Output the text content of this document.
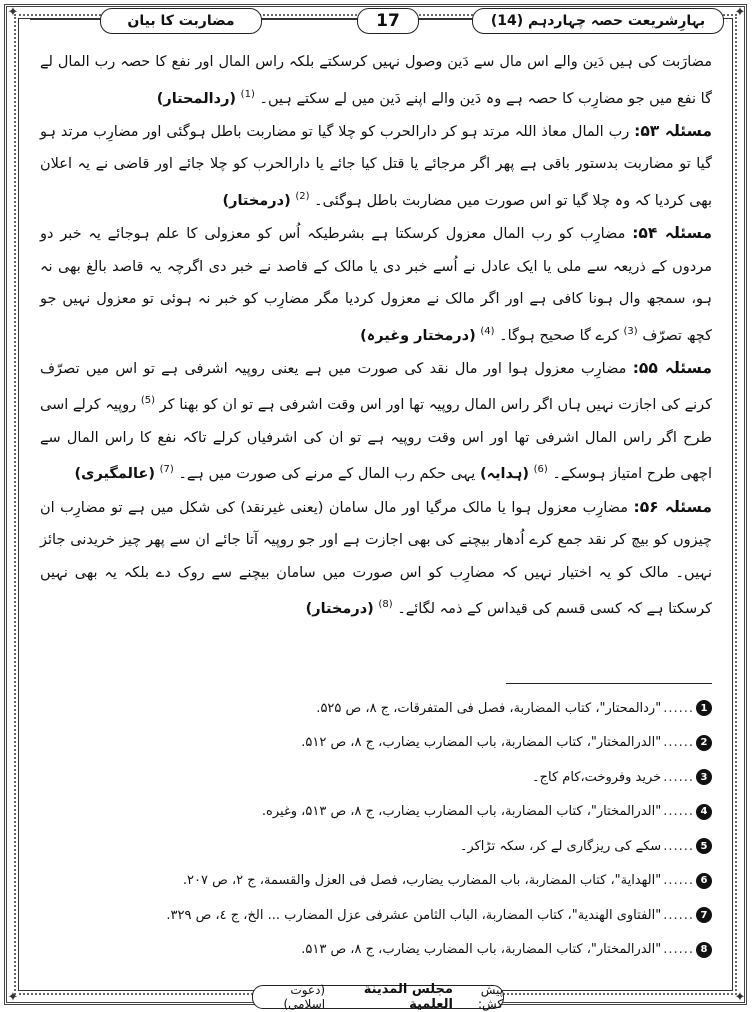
✦	✦
✦	✦
بہارِشریعت حصہ چہاردہم (14)
17
مضاربت کا بیان

مضارَبت کی ہیں دَین والے اس مال سے دَین وصول نہیں کرسکتے بلکہ راس المال اور نفع کا حصہ رب المال لے گا نفع میں جو مضارِب کا حصہ ہے وہ دَین والے اپنے دَین میں لے سکتے ہیں۔ $^{(1)}$ (ردالمحتار)

مسئلہ ۵۳: رب المال معاذ اللہ مرتد ہو کر دارالحرب کو چلا گیا تو مضاربت باطل ہوگئی اور مضارِب مرتد ہو گیا تو مضاربت بدستور باقی ہے پھر اگر مرجائے یا قتل کیا جائے یا دارالحرب کو چلا جائے اور قاضی نے یہ اعلان بھی کردیا کہ وہ چلا گیا تو اس صورت میں مضاربت باطل ہوگئی۔ $^{(2)}$ (درمختار)

مسئلہ ۵۴: مضارِب کو رب المال معزول کرسکتا ہے بشرطیکہ اُس کو معزولی کا علم ہوجائے یہ خبر دو مردوں کے ذریعہ سے ملی یا ایک عادل نے اُسے خبر دی یا مالک کے قاصد نے خبر دی اگرچہ یہ قاصد بالغ بھی نہ ہو، سمجھ وال ہونا کافی ہے اور اگر مالک نے معزول کردیا مگر مضارِب کو خبر نہ ہوئی تو معزول نہیں جو کچھ تصرّف $^{(3)}$ کرے گا صحیح ہوگا۔ $^{(4)}$ (درمختار وغیرہ)

مسئلہ ۵۵: مضارِب معزول ہوا اور مال نقد کی صورت میں ہے یعنی روپیہ اشرفی ہے تو اس میں تصرّف کرنے کی اجازت نہیں ہاں اگر راس المال روپیہ تھا اور اس وقت اشرفی ہے تو ان کو بھنا کر $^{(5)}$ روپیہ کرلے اسی طرح اگر راس المال اشرفی تھا اور اس وقت روپیہ ہے تو ان کی اشرفیاں کرلے تاکہ نفع کا راس المال سے اچھی طرح امتیاز ہوسکے۔ $^{(6)}$ (ہدایہ) یہی حکم رب المال کے مرنے کی صورت میں ہے۔ $^{(7)}$ (عالمگیری)

مسئلہ ۵۶: مضارِب معزول ہوا یا مالک مرگیا اور مال سامان (یعنی غیرنقد) کی شکل میں ہے تو مضارِب ان چیزوں کو بیچ کر نقد جمع کرے اُدھار بیچنے کی بھی اجازت ہے اور جو روپیہ آتا جائے ان سے پھر چیز خریدنی جائز نہیں۔ مالک کو یہ اختیار نہیں کہ مضارِب کو اس صورت میں سامان بیچنے سے روک دے بلکہ یہ بھی نہیں کرسکتا ہے کہ کسی قسم کی قیداس کے ذمہ لگائے۔ $^{(8)}$ (درمختار)

1
......
"ردالمحتار"، كتاب المضاربة، فصل فی المتفرقات، ج ۸، ص ۵۲۵.
2
......
"الدرالمختار"، كتاب المضاربة، باب المضارب يضارب، ج ۸، ص ۵۱۲.
3
......
خرید وفروخت،کام کاج۔
4
......
"الدرالمختار"، كتاب المضاربة، باب المضارب يضارب، ج ۸، ص ۵۱۳، وغيره.
5
......
سکے کی ریزگاری لے کر، سکہ تڑاکر۔
6
......
"الهداية"، كتاب المضاربة، باب المضارب يضارب، فصل فی العزل والقسمة، ج ۲، ص ۲۰۷.
7
......
"الفتاوى الهندية"، كتاب المضاربة، الباب الثامن عشرفی عزل المضارب ... الخ، ج ٤، ص ۳۲۹.
8
......
"الدرالمختار"، كتاب المضاربة، باب المضارب يضارب، ج ۸، ص ۵۱۳.
پیش کش:
مجلس المدينة العلمية
(دعوت اسلامی)
